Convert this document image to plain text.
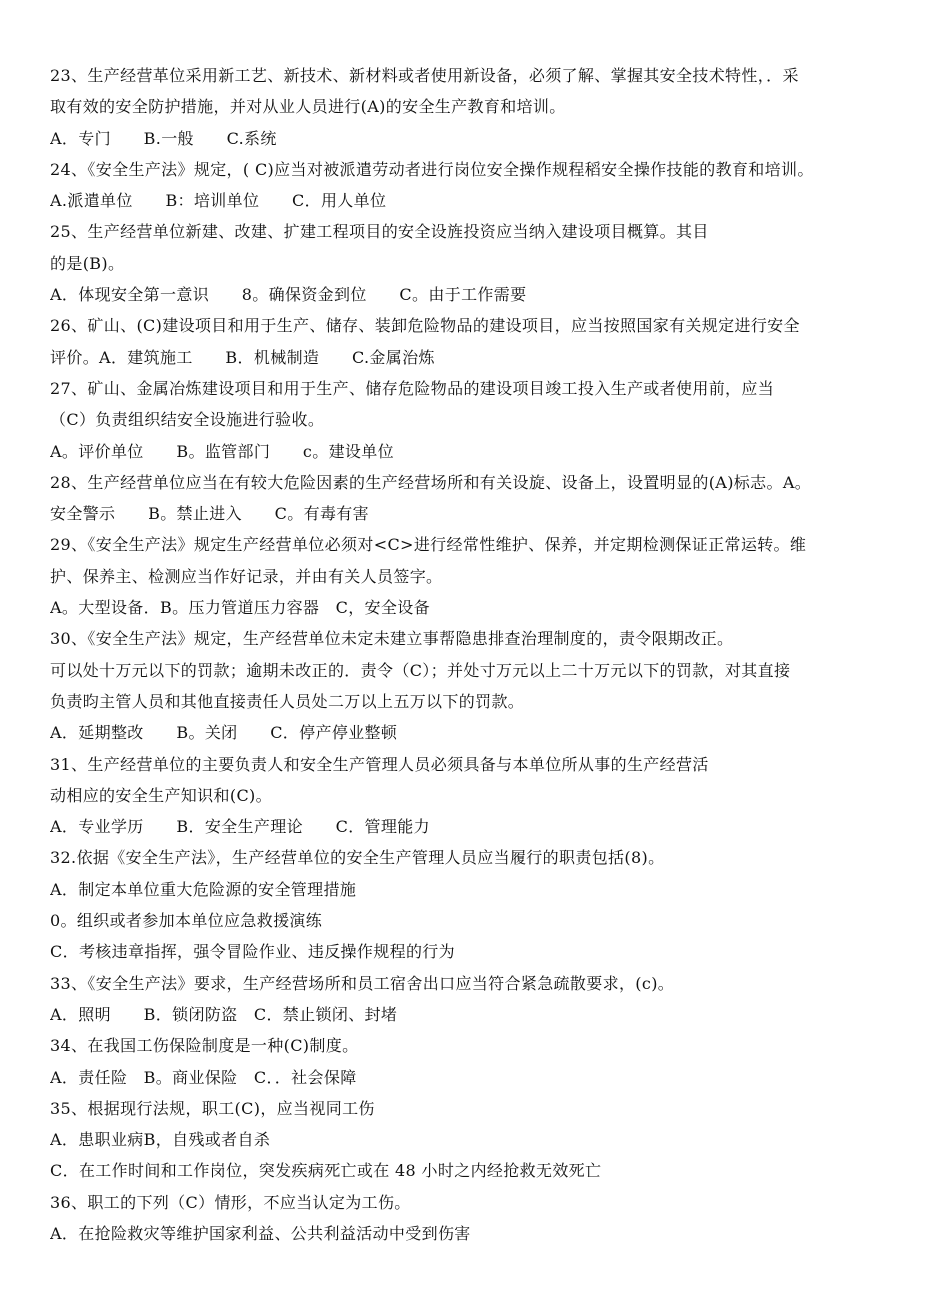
23、生产经营革位采用新工艺、新技术、新材料或者使用新设备，必须了解、掌握其安全技术特性，．采
取有效的安全防护措施，并对从业人员进行(A)的安全生产教育和培训。
A．专门　　B.一般　　C.系统
24、《安全生产法》规定，( C)应当对被派遣劳动者进行岗位安全操作规程稻安全操作技能的教育和培训。
A.派遣单位　　B：培训单位　　C．用人单位
25、生产经营单位新建、改建、扩建工程项目的安全设旌投资应当纳入建设项目概算。其目
的是(B)。
A．体现安全第一意识　　8。确保资金到位　　C。由于工作需要
26、矿山、(C)建设项目和用于生产、储存、装卸危险物品的建设项目，应当按照国家有关规定进行安全
评价。A．建筑施工　　B．机械制造　　C.金属治炼
27、矿山、金属冶炼建设项目和用于生产、储存危险物品的建设项目竣工投入生产或者使用前，应当
（C）负责组织结安全设施进行验收。
A。评价单位　　B。监管部门　　c。建设单位
28、生产经营单位应当在有较大危险因素的生产经营场所和有关设旋、设备上，设置明显的(A)标志。A。
安全警示　　B。禁止进入　　C。有毒有害
29、《安全生产法》规定生产经营单位必须对<C>进行经常性维护、保养，并定期检测保证正常运转。维
护、保养主、检测应当作好记录，并由有关人员签字。
A。大型设备．B。压力管道压力容器　C，安全设备
30、《安全生产法》规定，生产经营单位未定未建立事帮隐患排查治理制度的，责令限期改正。
可以处十万元以下的罚款；逾期未改正的．责令（C）；并处寸万元以上二十万元以下的罚款，对其直接
负责昀主管人员和其他直接责任人员处二万以上五万以下的罚款。
A．延期整改　　B。关闭　　C．停产停业整顿
31、生产经营单位的主要负责人和安全生产管理人员必须具备与本单位所从事的生产经营活
动相应的安全生产知识和(C)。
A．专业学历　　B．安全生产理论　　C．管理能力
32.依据《安全生产法》，生产经营单位的安全生产管理人员应当履行的职责包括(8)。
A．制定本单位重大危险源的安全管理措施
0。组织或者参加本单位应急救援演练
C．考核违章指挥，强令冒险作业、违反操作规程的行为
33、《安全生产法》要求，生产经营场所和员工宿舍出口应当符合紧急疏散要求，(c)。
A．照明　　B．锁闭防盗　C．禁止锁闭、封堵
34、在我国工伤保险制度是一种(C)制度。
A．责任险　B。商业保险　C．．社会保障
35、根据现行法规，职工(C)，应当视同工伤
A．患职业病B，自残或者自杀
C．在工作时间和工作岗位，突发疾病死亡或在 48 小时之内经抢救无效死亡
36、职工的下列（C）情形，不应当认定为工伤。
A．在抢险救灾等维护国家利益、公共利益活动中受到伤害
